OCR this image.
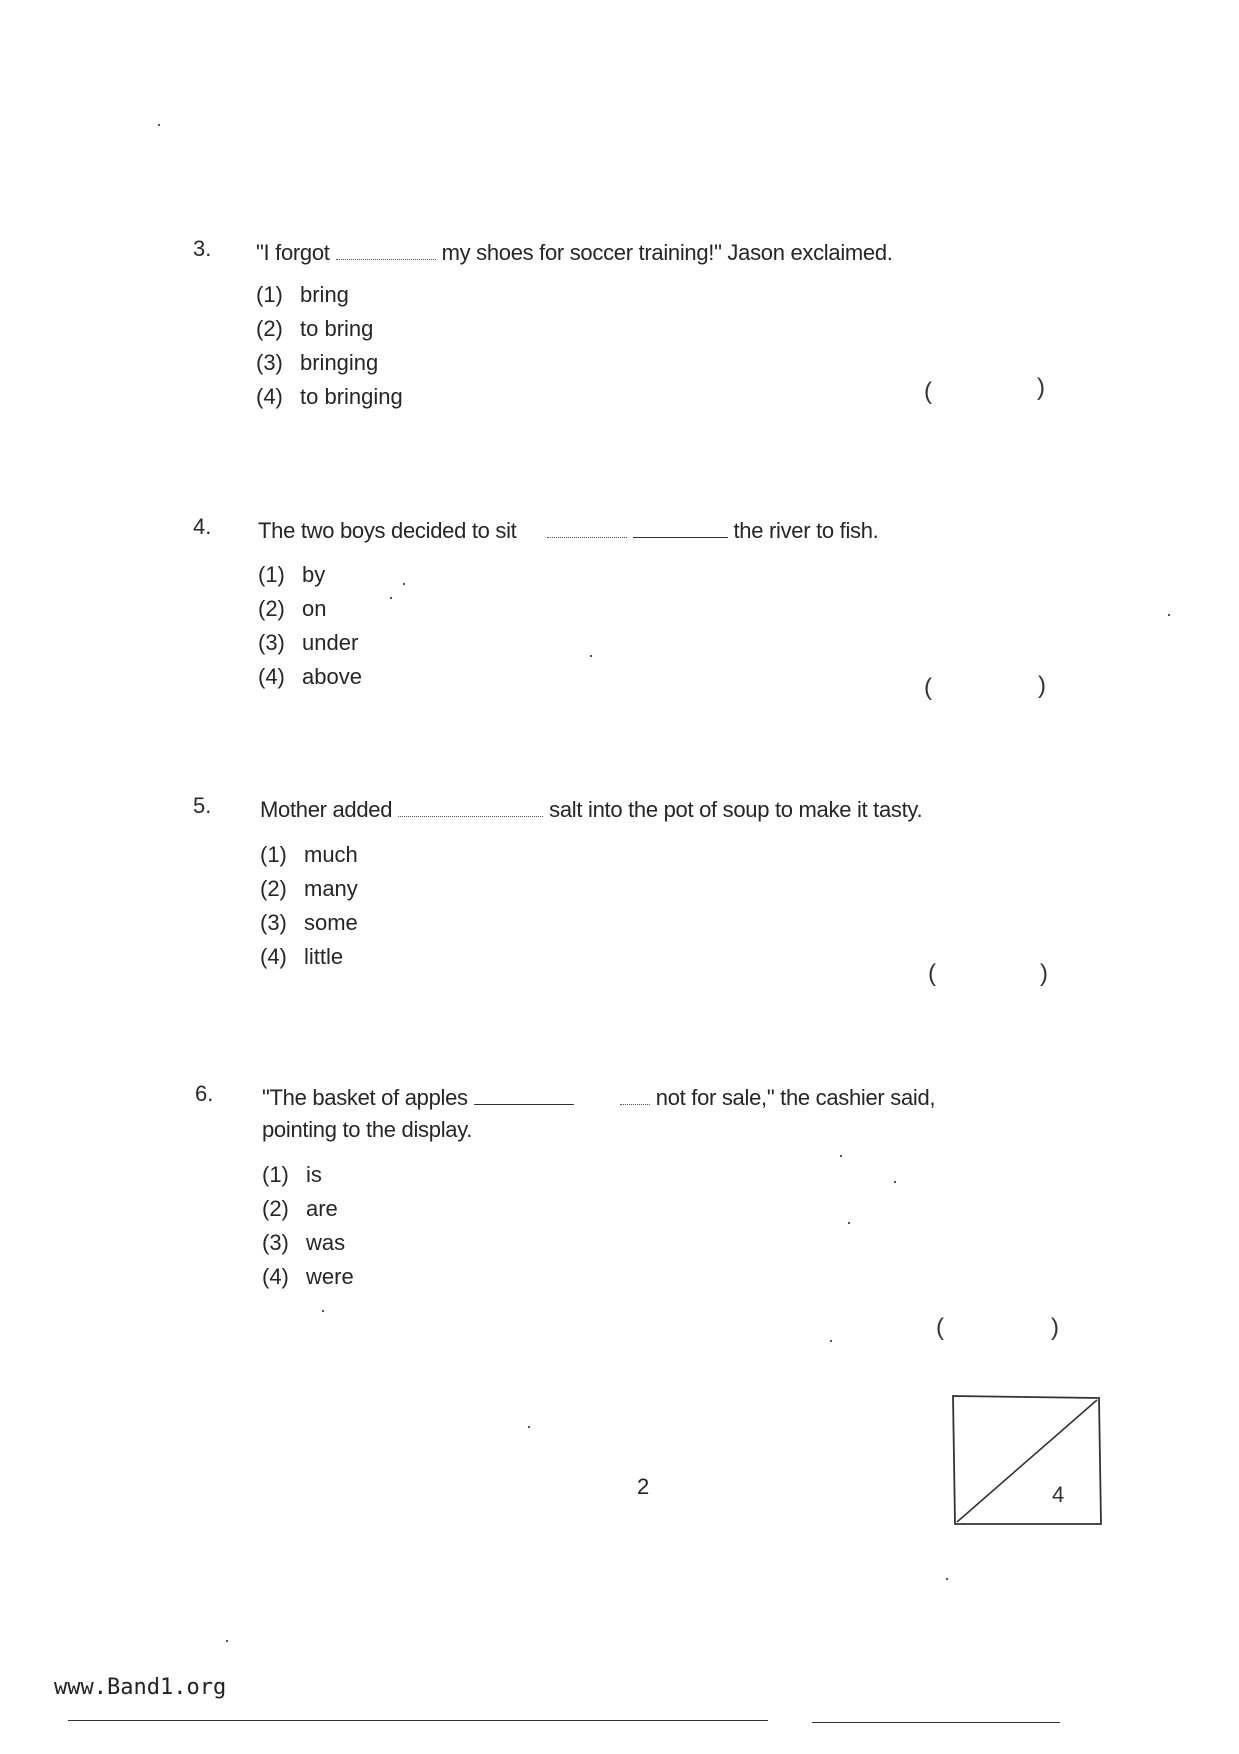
3. "I forgot	my shoes for soccer training!" Jason exclaimed.
(1) bring
(2) to bring
(3) bringing
(4) to bringing	(	)
4. The two boys decided to sit	the river to fish.
(1) by
(2) on
(3) under
(4) above	(	)
5. Mother added	salt into the pot of soup to make it tasty.
(1) much
(2) many
(3) some
(4) little
(	)
6. "The basket of apples	not for sale," the cashier said,
pointing to the display.
(1) is
(2) are
(3) was
(4) were
(	)
2	4
www.Band1.org
